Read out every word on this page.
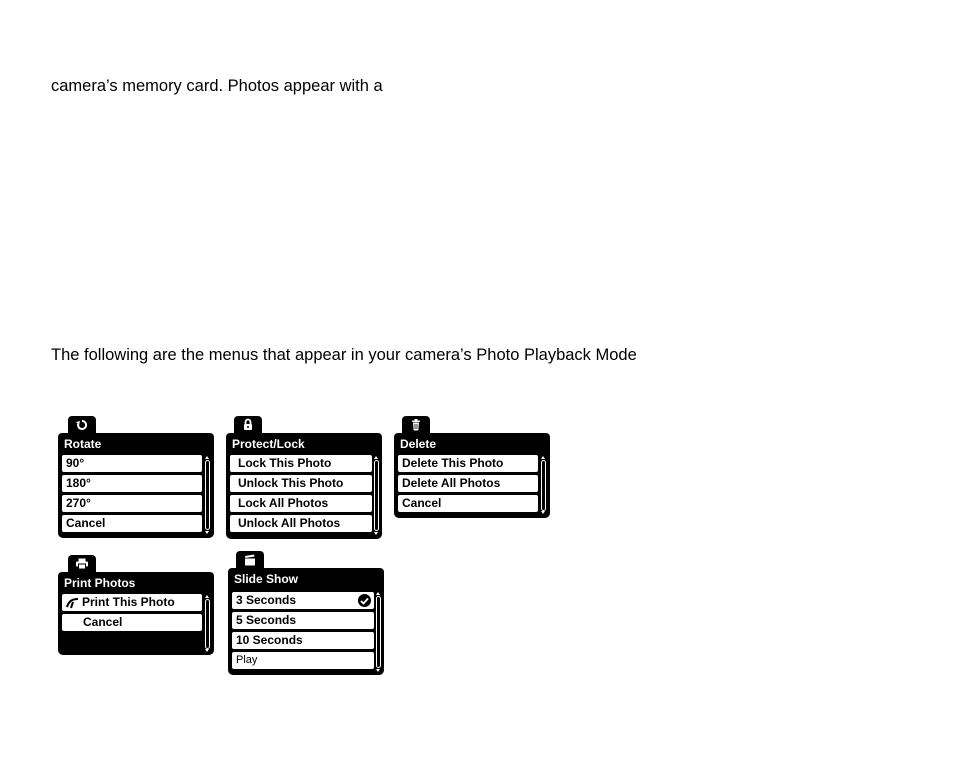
camera’s memory card. Photos appear with a
The following are the menus that appear in your camera’s Photo Playback Mode
Rotate
90°
180°
270°
Cancel
Protect/Lock
Lock This Photo
Unlock This Photo
Lock All Photos
Unlock All Photos
Delete
Delete This Photo
Delete All Photos
Cancel
Print Photos
Print This Photo
Cancel
Slide Show
3 Seconds
5 Seconds
10 Seconds
Play
